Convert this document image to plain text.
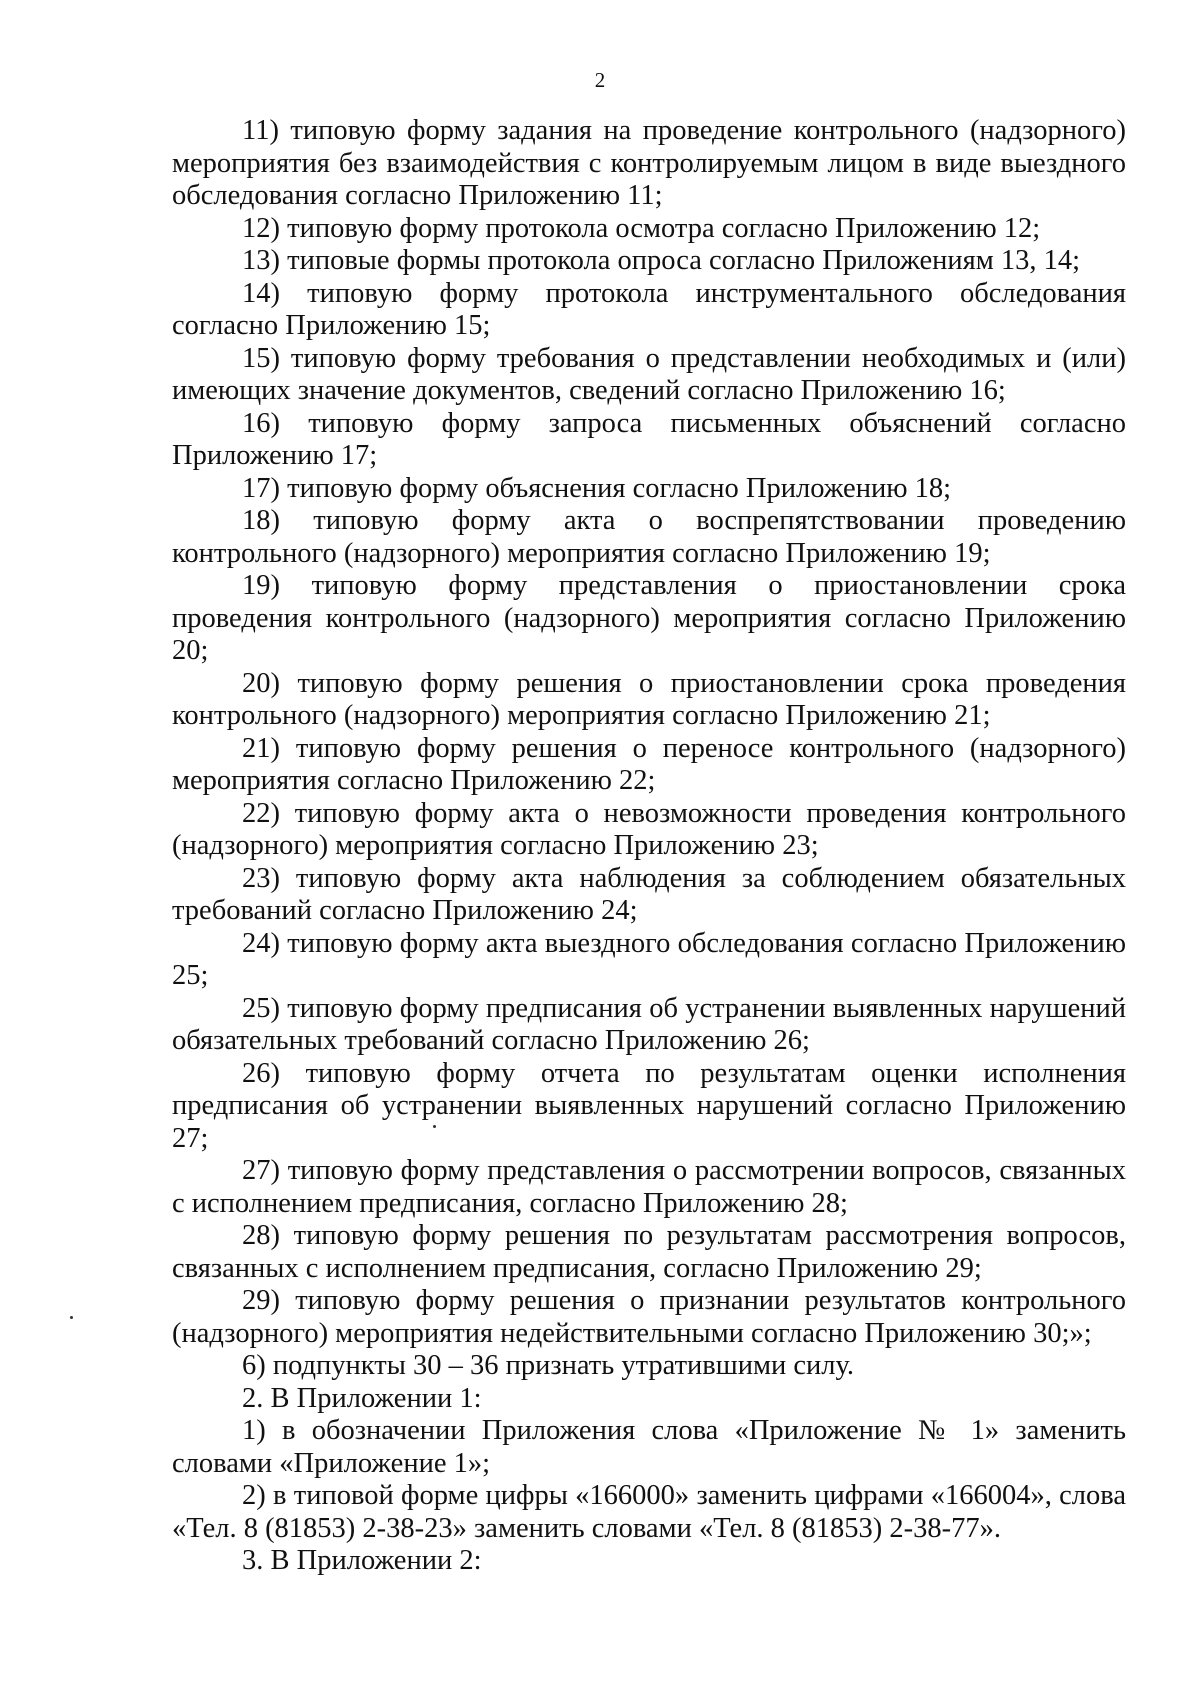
2

11) типовую форму задания на проведение контрольного (надзорного) мероприятия без взаимодействия с контролируемым лицом в виде выездного обследования согласно Приложению 11;

12) типовую форму протокола осмотра согласно Приложению 12;

13) типовые формы протокола опроса согласно Приложениям 13, 14;

14) типовую форму протокола инструментального обследования согласно Приложению 15;

15) типовую форму требования о представлении необходимых и (или) имеющих значение документов, сведений согласно Приложению 16;

16) типовую форму запроса письменных объяснений согласно Приложению 17;

17) типовую форму объяснения согласно Приложению 18;

18) типовую форму акта о воспрепятствовании проведению контрольного (надзорного) мероприятия согласно Приложению 19;

19) типовую форму представления о приостановлении срока проведения контрольного (надзорного) мероприятия согласно Приложению 20;

20) типовую форму решения о приостановлении срока проведения контрольного (надзорного) мероприятия согласно Приложению 21;

21) типовую форму решения о переносе контрольного (надзорного) мероприятия согласно Приложению 22;

22) типовую форму акта о невозможности проведения контрольного (надзорного) мероприятия согласно Приложению 23;

23) типовую форму акта наблюдения за соблюдением обязательных требований согласно Приложению 24;

24) типовую форму акта выездного обследования согласно Приложению 25;

25) типовую форму предписания об устранении выявленных нарушений обязательных требований согласно Приложению 26;

26) типовую форму отчета по результатам оценки исполнения предписания об устранении выявленных нарушений согласно Приложению 27;

27) типовую форму представления о рассмотрении вопросов, связанных с исполнением предписания, согласно Приложению 28;

28) типовую форму решения по результатам рассмотрения вопросов, связанных с исполнением предписания, согласно Приложению 29;

29) типовую форму решения о признании результатов контрольного (надзорного) мероприятия недействительными согласно Приложению 30;»;

6) подпункты 30 – 36 признать утратившими силу.

2. В Приложении 1:

1) в обозначении Приложения слова «Приложение № 1» заменить словами «Приложение 1»;

2) в типовой форме цифры «166000» заменить цифрами «166004», слова «Тел. 8 (81853) 2-38-23» заменить словами «Тел. 8 (81853) 2-38-77».

3. В Приложении 2:
